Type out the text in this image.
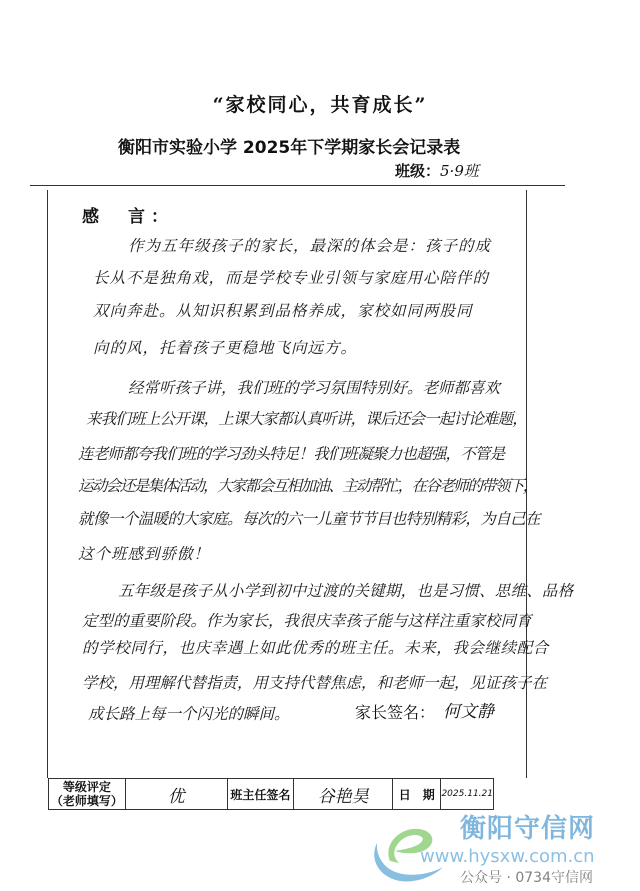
“家校同心，共育成长”
衡阳市实验小学 2025年下学期家长会记录表
班级：5·9班
感　言：
作为五年级孩子的家长，最深的体会是：孩子的成
长从不是独角戏，而是学校专业引领与家庭用心陪伴的
双向奔赴。从知识积累到品格养成，家校如同两股同
向的风，托着孩子更稳地飞向远方。
经常听孩子讲，我们班的学习氛围特别好。老师都喜欢
来我们班上公开课，上课大家都认真听讲，课后还会一起讨论难题，
连老师都夸我们班的学习劲头特足！我们班凝聚力也超强，不管是
运动会还是集体活动，大家都会互相加油、主动帮忙，在谷老师的带领下，
就像一个温暖的大家庭。每次的六一儿童节节目也特别精彩，为自己在
这个班感到骄傲！
五年级是孩子从小学到初中过渡的关键期，也是习惯、思维、品格
定型的重要阶段。作为家长，我很庆幸孩子能与这样注重家校同育
的学校同行，也庆幸遇上如此优秀的班主任。未来，我会继续配合
学校，用理解代替指责，用支持代替焦虑，和老师一起，见证孩子在
成长路上每一个闪光的瞬间。	家长签名： 何文静
等级评定
（老师填写）	优	班主任签名	谷艳昊	日　期	2025.11.21
衡阳守信网
www.hysxw.com.cn
公众号 · 0734守信网
